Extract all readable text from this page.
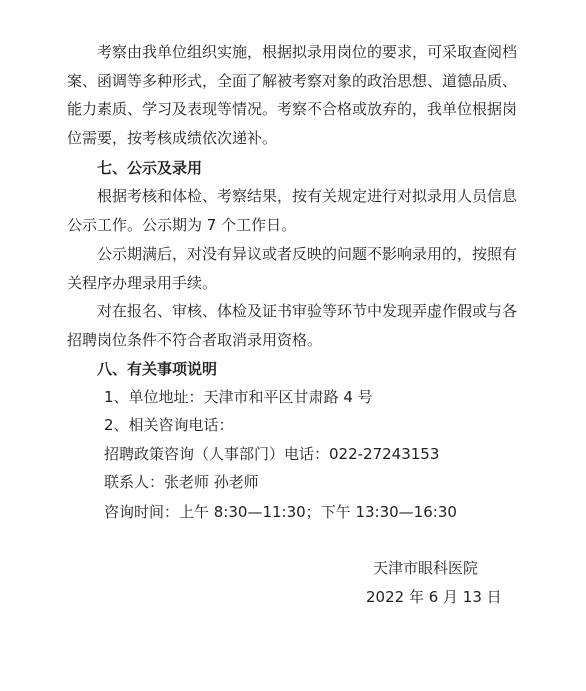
考察由我单位组织实施，根据拟录用岗位的要求，可采取查阅档案、函调等多种形式，全面了解被考察对象的政治思想、道德品质、能力素质、学习及表现等情况。考察不合格或放弃的，我单位根据岗位需要，按考核成绩依次递补。

七、公示及录用

根据考核和体检、考察结果，按有关规定进行对拟录用人员信息公示工作。公示期为 7 个工作日。

公示期满后，对没有异议或者反映的问题不影响录用的，按照有关程序办理录用手续。

对在报名、审核、体检及证书审验等环节中发现弄虚作假或与各招聘岗位条件不符合者取消录用资格。

八、有关事项说明
1、单位地址：天津市和平区甘肃路 4 号
2、相关咨询电话：
招聘政策咨询（人事部门）电话：022-27243153
联系人：张老师 孙老师
咨询时间：上午 8:30—11:30；下午 13:30—16:30
天津市眼科医院
2022 年 6 月 13 日
